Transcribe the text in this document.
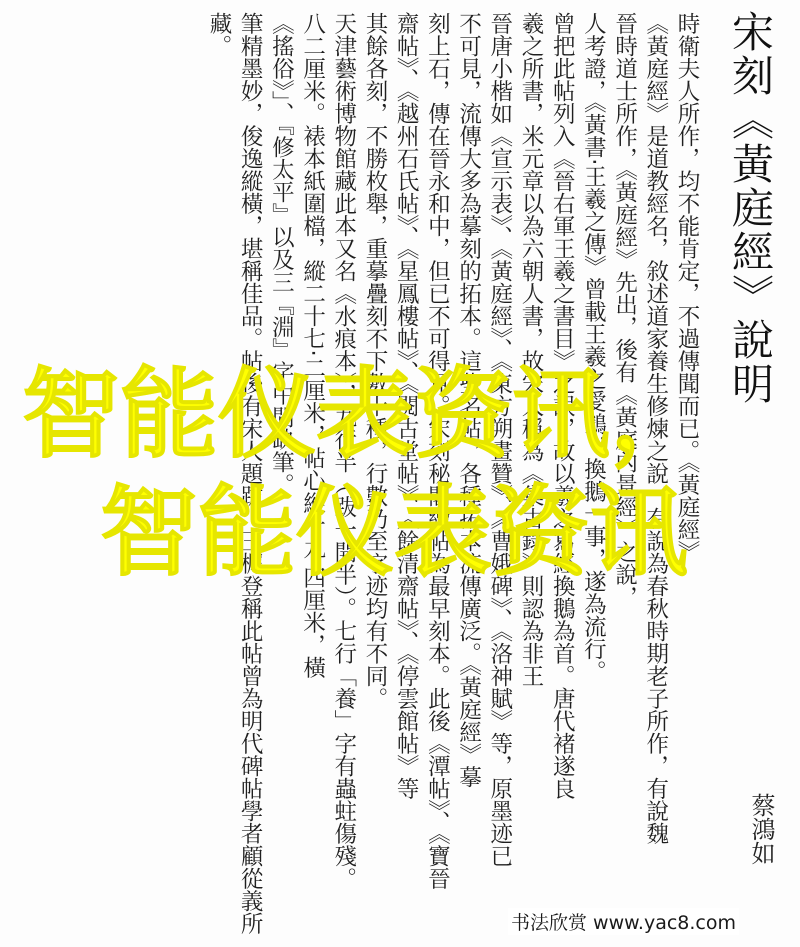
宋刻《黃庭經》說明
時衛夫人所作，均不能肯定，不過傳聞而已。《黃庭經》
《黃庭經》是道教經名，敘述道家養生修煉之說，有說為春秋時期老子所作，有說魏
晉時道士所作，《黃庭經》先出，後有《黃庭內景經》之說，
人考證，《黃書‧王羲之傳》曾載王羲之愛鵝，換鵝一事，遂為流行。
曾把此帖列入《晉右軍王羲之書目》之誤，故以羲之寫經換鵝為首。唐代褚遂良
羲之所書，米元章以為六朝人書，故宋人稱為《集古錄》則認為非王
晉唐小楷如《宣示表》、《黃庭經》、《東方朔畫贊》、《曹娥碑》、《洛神賦》等，原墨迹已
不可見，流傳大多為摹刻的拓本。這些名帖，各種拓本流傳廣泛。《黃庭經》摹
刻上石，傳在晉永和中，但已不可得見。宋刻秘閣續帖為最早刻本。此後《潭帖》、《寶晉
齋帖》、《越州石氏帖》、《星鳳樓帖》、《閱古堂帖》、《餘清齋帖》、《停雲館帖》等
其餘各刻，不勝枚舉，重摹疊刻不下數十種，行數乃至字迹均有不同。
天津藝術博物館藏此本又名《水痕本》，九行半（跋一開半）。七行「養」字有蟲蛀傷殘。
八二厘米。裱本紙圍檔，縱二十七‧二厘米，帖心縱十九‧四厘米，橫
《搖俗》」、『修太平』以及三『淵』字中間缺筆。
筆精墨妙，俊逸縱橫，堪稱佳品。帖後有宋人題跋，王樨登稱此帖曾為明代碑帖學者顧從義所
藏。
蔡鴻如
智能仪表资讯，
智能仪表资讯
书法欣赏 www.yac8.com
